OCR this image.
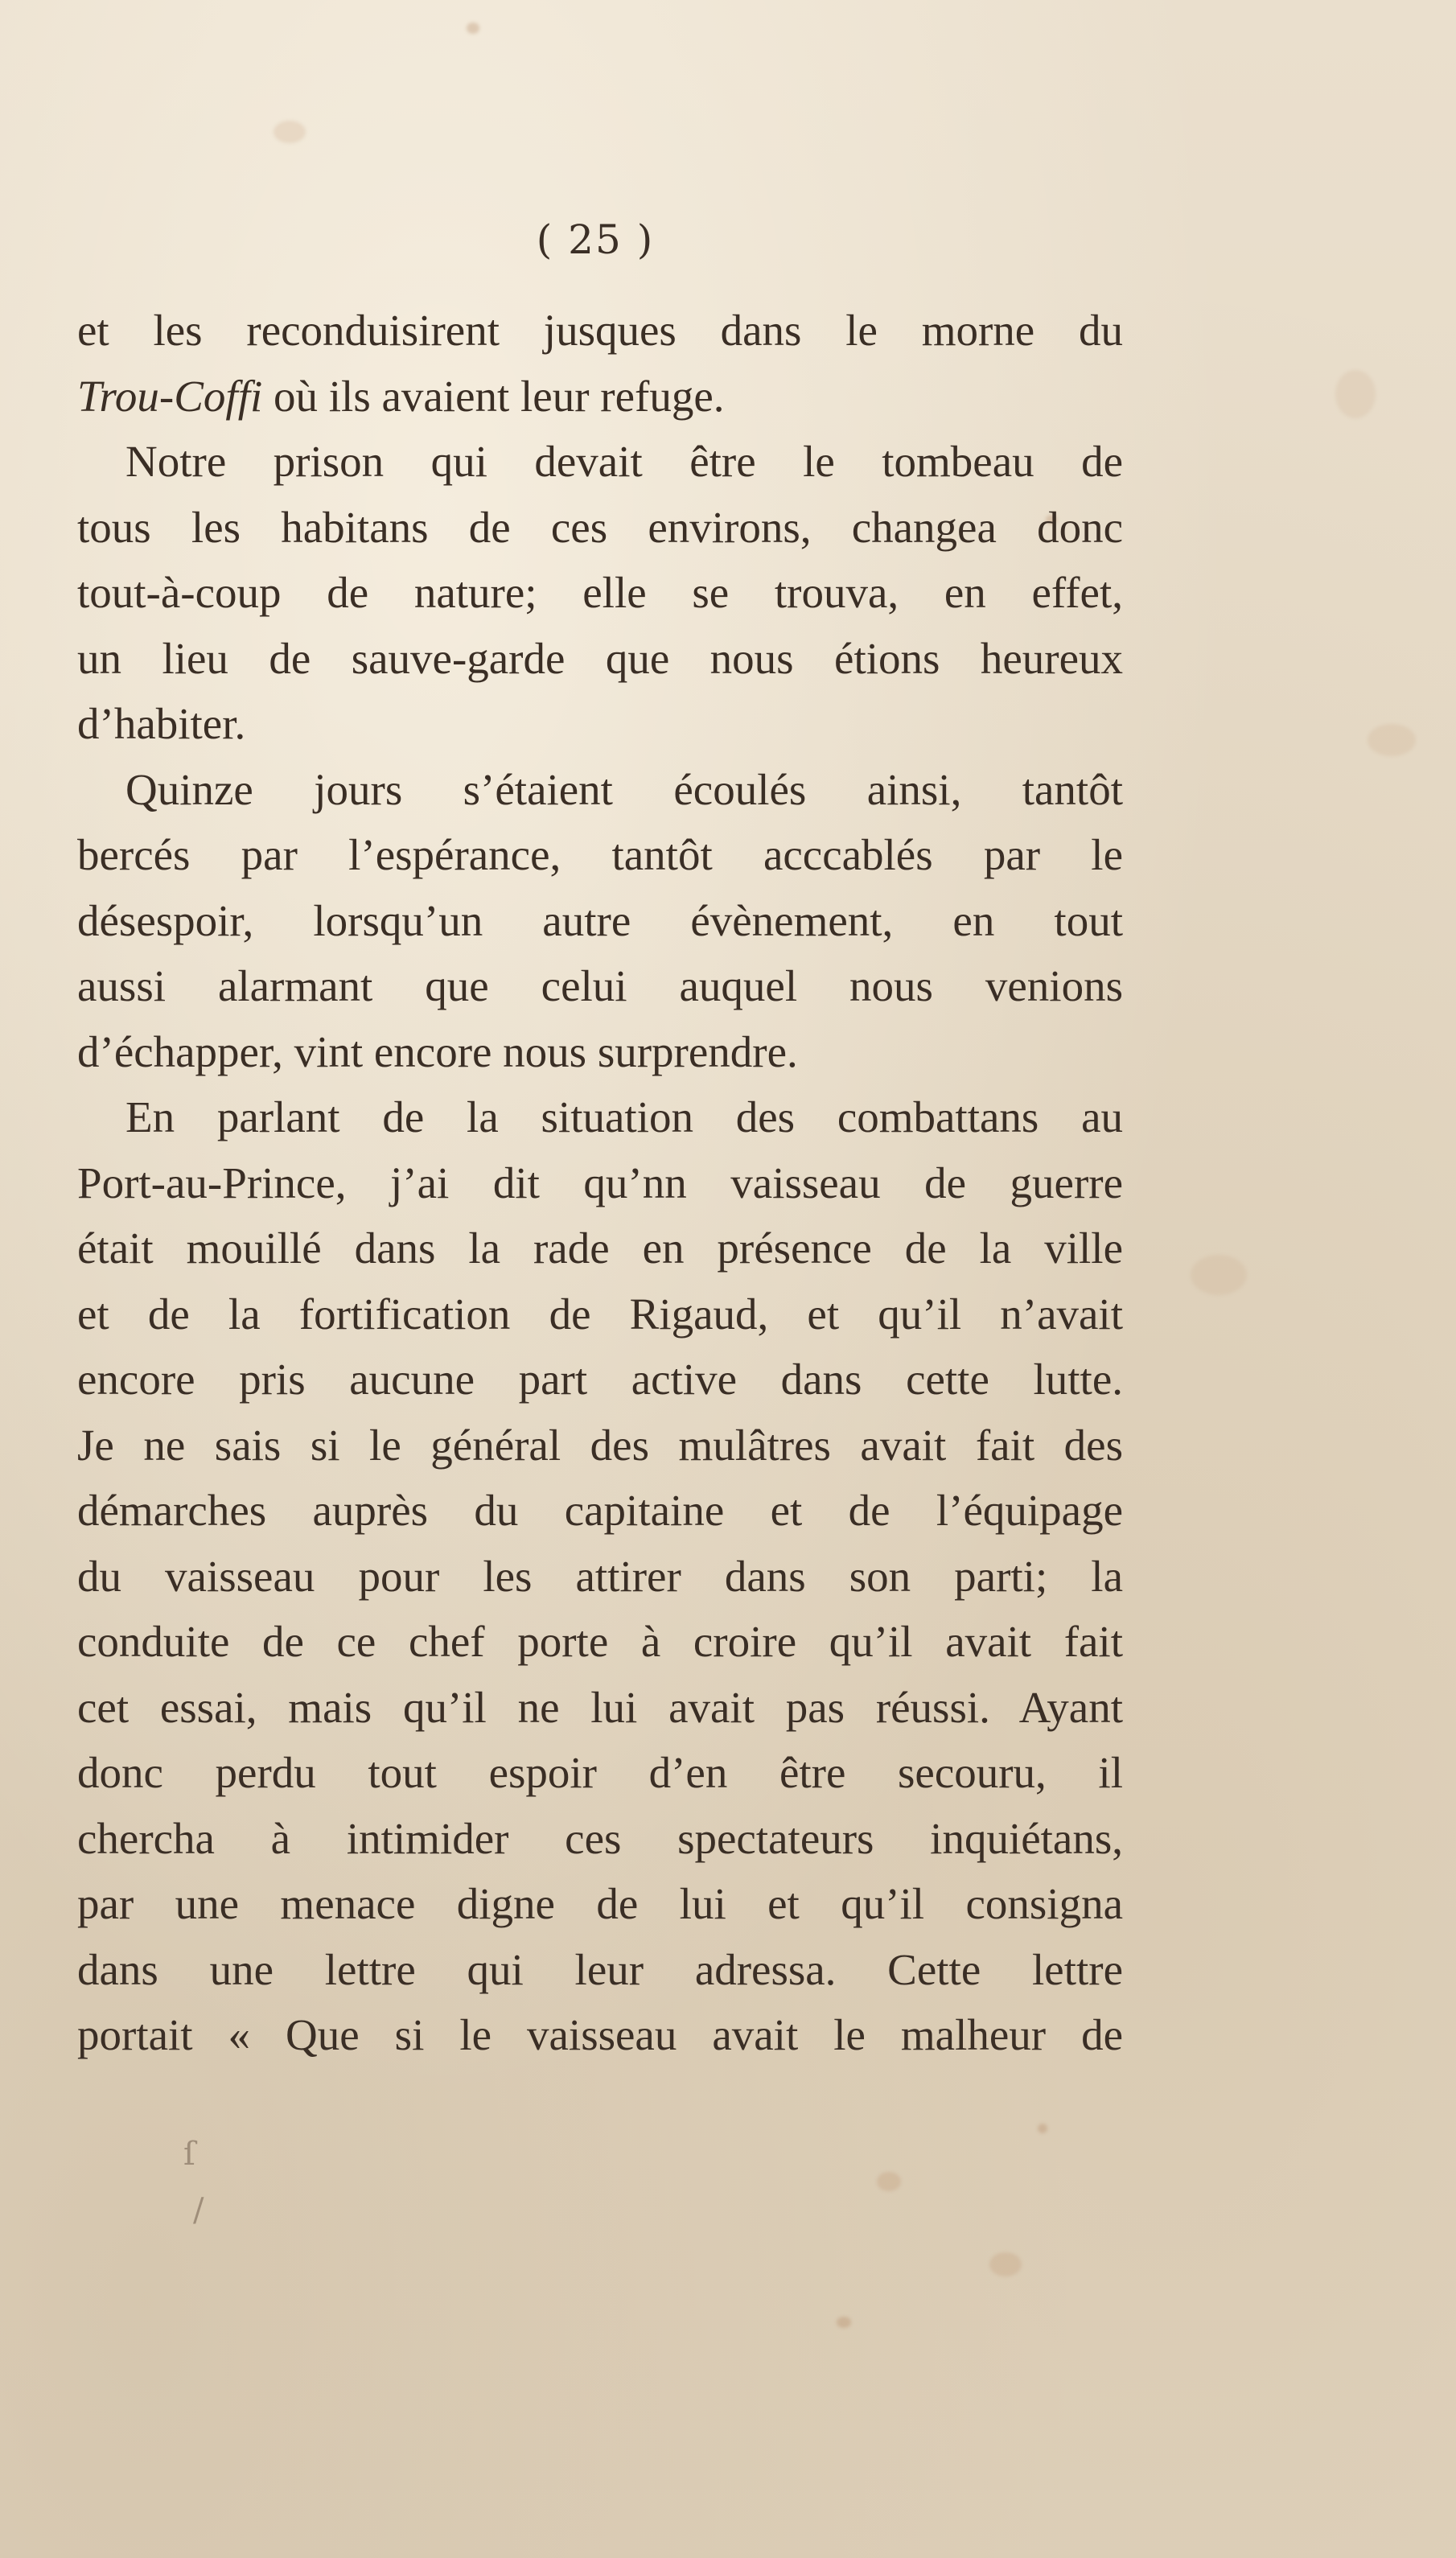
( 25 )
et les reconduisirent jusques dans le morne du
Trou-Coffi où ils avaient leur refuge.
Notre prison qui devait être le tombeau de
tous les habitans de ces environs, changea donc
tout-à-coup de nature; elle se trouva, en effet,
un lieu de sauve-garde que nous étions heureux
d’habiter.
Quinze jours s’étaient écoulés ainsi, tantôt
bercés par l’espérance, tantôt acccablés par le
désespoir, lorsqu’un autre évènement, en tout
aussi alarmant que celui auquel nous venions
d’échapper, vint encore nous surprendre.
En parlant de la situation des combattans au
Port-au-Prince, j’ai dit qu’nn vaisseau de guerre
était mouillé dans la rade en présence de la ville
et de la fortification de Rigaud, et qu’il n’avait
encore pris aucune part active dans cette lutte.
Je ne sais si le général des mulâtres avait fait des
démarches auprès du capitaine et de l’équipage
du vaisseau pour les attirer dans son parti; la
conduite de ce chef porte à croire qu’il avait fait
cet essai, mais qu’il ne lui avait pas réussi. Ayant
donc perdu tout espoir d’en être secouru, il
chercha à intimider ces spectateurs inquiétans,
par une menace digne de lui et qu’il consigna
dans une lettre qui leur adressa. Cette lettre
portait « Que si le vaisseau avait le malheur de
ſ
/
